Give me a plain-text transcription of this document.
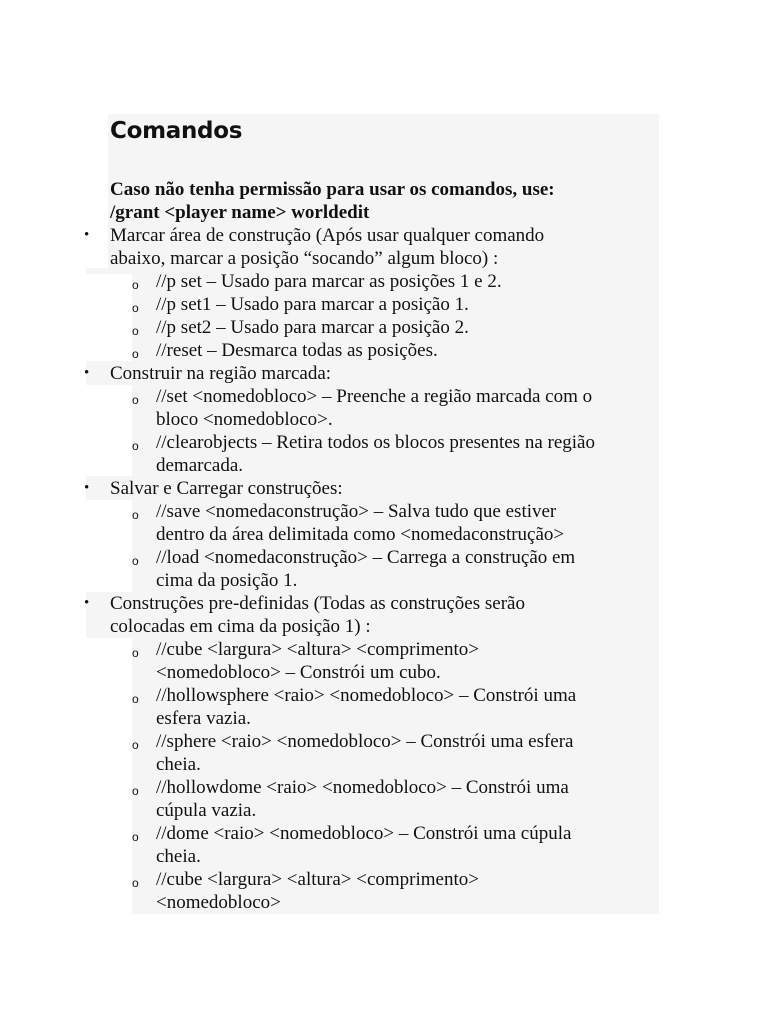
Comandos
Caso não tenha permissão para usar os comandos, use:
/grant <player name> worldedit
• Marcar área de construção (Após usar qualquer comando
abaixo, marcar a posição “socando” algum bloco) :
o //p set – Usado para marcar as posições 1 e 2.
o //p set1 – Usado para marcar a posição 1.
o //p set2 – Usado para marcar a posição 2.
o //reset – Desmarca todas as posições.
• Construir na região marcada:
o //set <nomedobloco> – Preenche a região marcada com o
bloco <nomedobloco>.
o //clearobjects – Retira todos os blocos presentes na região
demarcada.
• Salvar e Carregar construções:
o //save <nomedaconstrução> – Salva tudo que estiver
dentro da área delimitada como <nomedaconstrução>
o //load <nomedaconstrução> – Carrega a construção em
cima da posição 1.
• Construções pre-definidas (Todas as construções serão
colocadas em cima da posição 1) :
o //cube <largura> <altura> <comprimento>
<nomedobloco> – Constrói um cubo.
o //hollowsphere <raio> <nomedobloco> – Constrói uma
esfera vazia.
o //sphere <raio> <nomedobloco> – Constrói uma esfera
cheia.
o //hollowdome <raio> <nomedobloco> – Constrói uma
cúpula vazia.
o //dome <raio> <nomedobloco> – Constrói uma cúpula
cheia.
o //cube <largura> <altura> <comprimento>
<nomedobloco>
